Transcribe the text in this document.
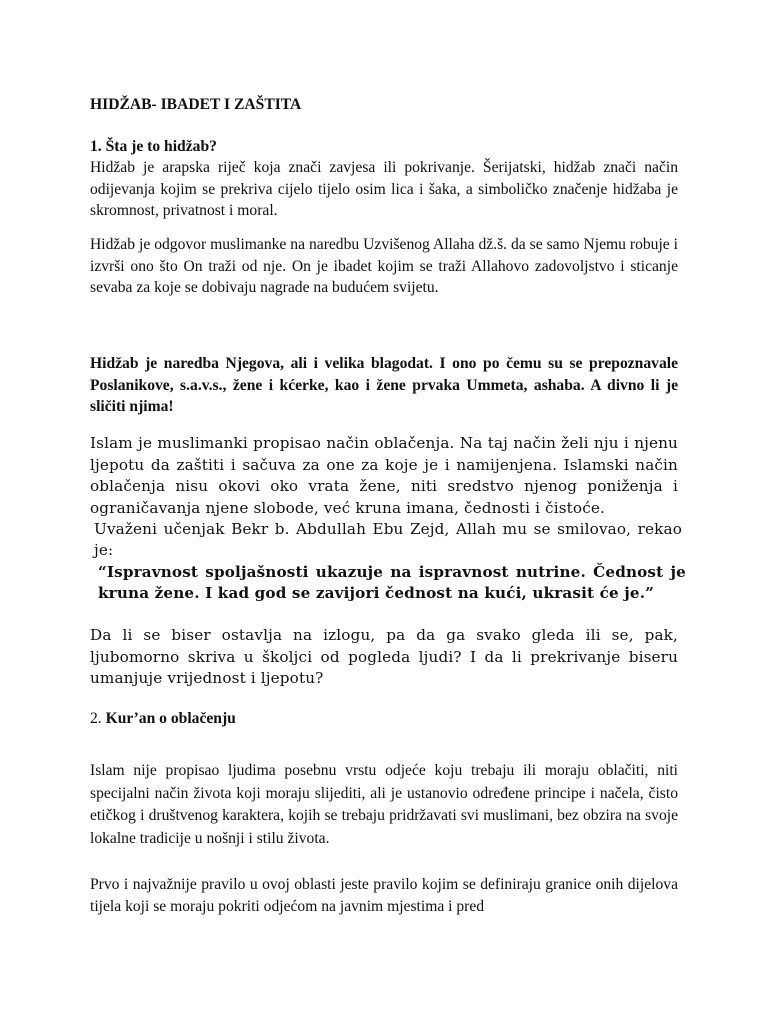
HIDŽAB- IBADET I ZAŠTITA

1. Šta je to hidžab?

Hidžab je arapska riječ koja znači zavjesa ili pokrivanje. Šerijatski, hidžab znači način odijevanja kojim se prekriva cijelo tijelo osim lica i šaka, a simboličko značenje hidžaba je skromnost, privatnost i moral.

Hidžab je odgovor muslimanke na naredbu Uzvišenog Allaha dž.š. da se samo Njemu robuje i izvrši ono što On traži od nje. On je ibadet kojim se traži Allahovo zadovoljstvo i sticanje sevaba za koje se dobivaju nagrade na budućem svijetu.

Hidžab je naredba Njegova, ali i velika blagodat. I ono po čemu su se prepoznavale Poslanikove, s.a.v.s., žene i kćerke, kao i žene prvaka Ummeta, ashaba. A divno li je sličiti njima!

Islam je muslimanki propisao način oblačenja. Na taj način želi nju i njenu ljepotu da zaštiti i sačuva za one za koje je i namijenjena. Islamski način oblačenja nisu okovi oko vrata žene, niti sredstvo njenog poniženja i ograničavanja njene slobode, već kruna imana, čednosti i čistoće.

Uvaženi učenjak Bekr b. Abdullah Ebu Zejd, Allah mu se smilovao, rekao je:

“Ispravnost spoljašnosti ukazuje na ispravnost nutrine. Čednost je kruna žene. I kad god se zavijori čednost na kući, ukrasit će je.”

Da li se biser ostavlja na izlogu, pa da ga svako gleda ili se, pak, ljubomorno skriva u školjci od pogleda ljudi? I da li prekrivanje biseru umanjuje vrijednost i ljepotu?

2. Kur’an o oblačenju

Islam nije propisao ljudima posebnu vrstu odjeće koju trebaju ili moraju oblačiti, niti specijalni način života koji moraju slijediti, ali je ustanovio određene principe i načela, čisto etičkog i društvenog karaktera, kojih se trebaju pridržavati svi muslimani, bez obzira na svoje lokalne tradicije u nošnji i stilu života.

Prvo i najvažnije pravilo u ovoj oblasti jeste pravilo kojim se definiraju granice onih dijelova tijela koji se moraju pokriti odjećom na javnim mjestima i pred
